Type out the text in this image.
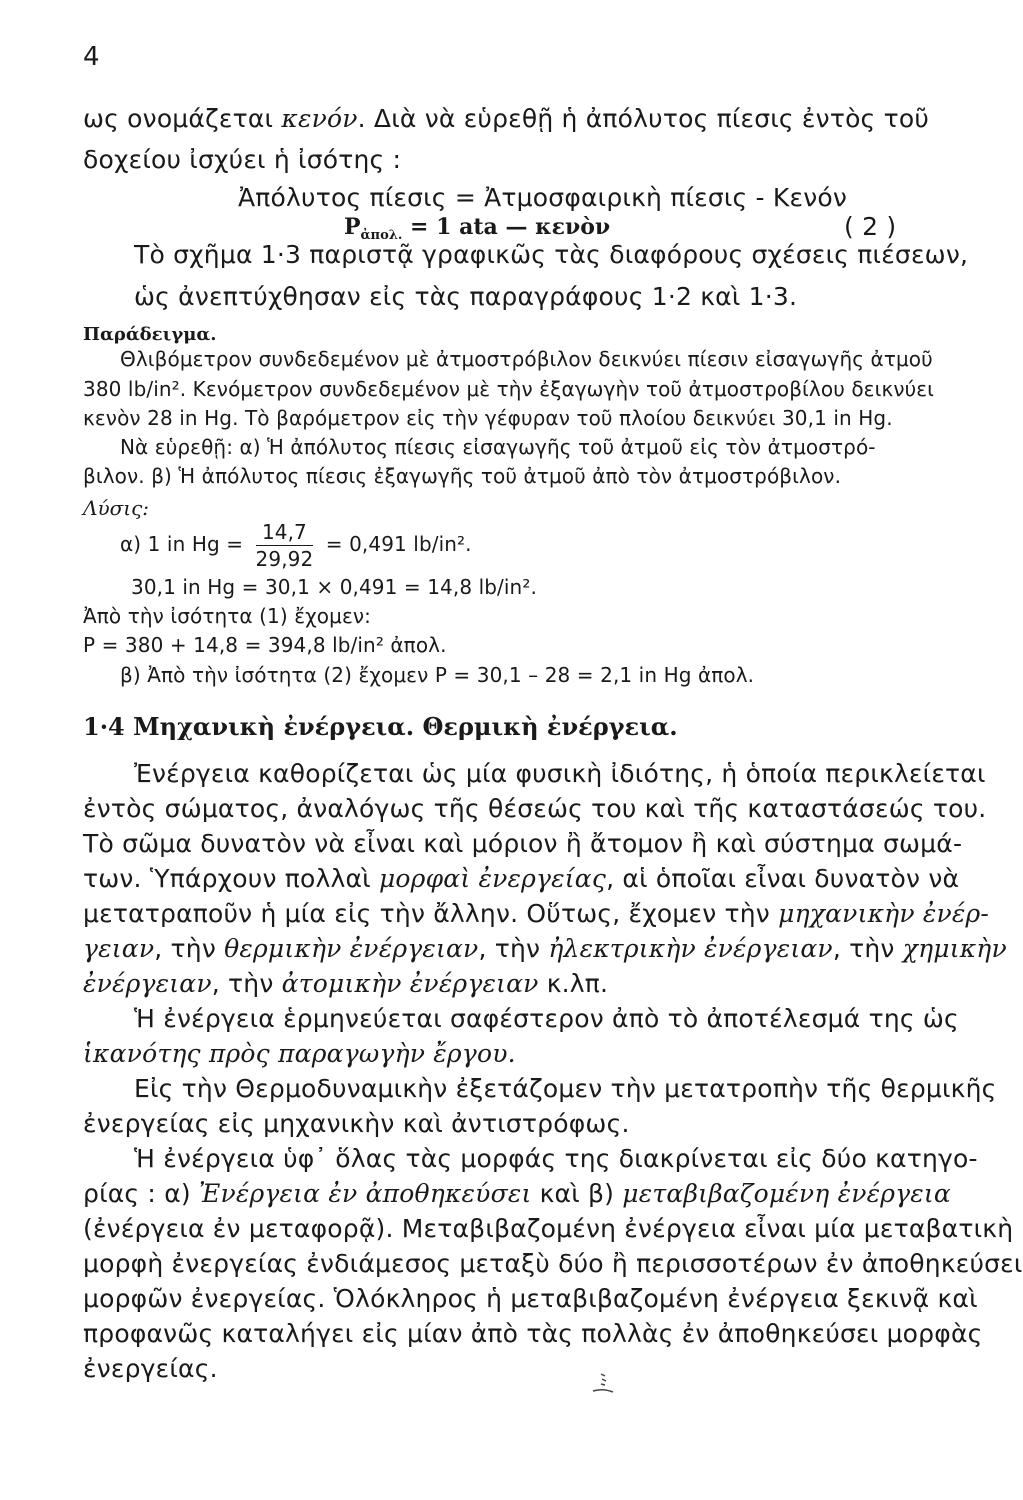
4
ως ονομάζεται κενόν. Διὰ νὰ εὑρεθῇ ἡ ἀπόλυτος πίεσις ἐντὸς τοῦ
δοχείου ἰσχύει ἡ ἰσότης :
Ἀπόλυτος πίεσις = Ἀτμοσφαιρικὴ πίεσις - Κενόν
$P_{ἀ\pi o\lambda.} = 1$ ata — κενὸν	( 2 )
Τὸ σχῆμα 1·3 παριστᾷ γραφικῶς τὰς διαφόρους σχέσεις πιέσεων,
ὡς ἀνεπτύχθησαν εἰς τὰς παραγράφους 1·2 καὶ 1·3.
Παράδειγμα.
Θλιβόμετρον συνδεδεμένον μὲ ἀτμοστρόβιλον δεικνύει πίεσιν εἰσαγωγῆς ἀτμοῦ
380 lb/in². Κενόμετρον συνδεδεμένον μὲ τὴν ἐξαγωγὴν τοῦ ἀτμοστροβίλου δεικνύει
κενὸν 28 in Hg. Τὸ βαρόμετρον εἰς τὴν γέφυραν τοῦ πλοίου δεικνύει 30,1 in Hg.
Νὰ εὑρεθῇ: α) Ἡ ἀπόλυτος πίεσις εἰσαγωγῆς τοῦ ἀτμοῦ εἰς τὸν ἀτμοστρό-
βιλον. β) Ἡ ἀπόλυτος πίεσις ἐξαγωγῆς τοῦ ἀτμοῦ ἀπὸ τὸν ἀτμοστρόβιλον.
Λύσις:
α) 1 in $Hg = \frac{14,7}{29,92} = 0,491$ lb/in².
30,1 in Hg = 30,1 × 0,491 = 14,8 lb/in².
Ἀπὸ τὴν ἰσότητα (1) ἔχομεν:
P = 380 + 14,8 = 394,8 lb/in² ἀπολ.
β) Ἀπὸ τὴν ἰσότητα (2) ἔχομεν P = 30,1 – 28 = 2,1 in Hg ἀπολ.
1·4 Μηχανικὴ ἐνέργεια. Θερμικὴ ἐνέργεια.
Ἐνέργεια καθορίζεται ὡς μία φυσικὴ ἰδιότης, ἡ ὁποία περικλείεται
ἐντὸς σώματος, ἀναλόγως τῆς θέσεώς του καὶ τῆς καταστάσεώς του.
Τὸ σῶμα δυνατὸν νὰ εἶναι καὶ μόριον ἢ ἄτομον ἢ καὶ σύστημα σωμά-
των. Ὑπάρχουν πολλαὶ μορφαὶ ἐνεργείας, αἱ ὁποῖαι εἶναι δυνατὸν νὰ
μετατραποῦν ἡ μία εἰς τὴν ἄλλην. Οὕτως, ἔχομεν τὴν μηχανικὴν ἐνέρ-
γειαν, τὴν θερμικὴν ἐνέργειαν, τὴν ἠλεκτρικὴν ἐνέργειαν, τὴν χημικὴν
ἐνέργειαν, τὴν ἀτομικὴν ἐνέργειαν κ.λπ.
Ἡ ἐνέργεια ἑρμηνεύεται σαφέστερον ἀπὸ τὸ ἀποτέλεσμά της ὡς
ἱκανότης πρὸς παραγωγὴν ἔργου.
Εἰς τὴν Θερμοδυναμικὴν ἐξετάζομεν τὴν μετατροπὴν τῆς θερμικῆς
ἐνεργείας εἰς μηχανικὴν καὶ ἀντιστρόφως.
Ἡ ἐνέργεια ὑφ᾽ ὅλας τὰς μορφάς της διακρίνεται εἰς δύο κατηγο-
ρίας : α) Ἐνέργεια ἐν ἀποθηκεύσει καὶ β) μεταβιβαζομένη ἐνέργεια
(ἐνέργεια ἐν μεταφορᾷ). Μεταβιβαζομένη ἐνέργεια εἶναι μία μεταβατικὴ
μορφὴ ἐνεργείας ἐνδιάμεσος μεταξὺ δύο ἢ περισσοτέρων ἐν ἀποθηκεύσει
μορφῶν ἐνεργείας. Ὁλόκληρος ἡ μεταβιβαζομένη ἐνέργεια ξεκινᾷ καὶ
προφανῶς καταλήγει εἰς μίαν ἀπὸ τὰς πολλὰς ἐν ἀποθηκεύσει μορφὰς
ἐνεργείας.
